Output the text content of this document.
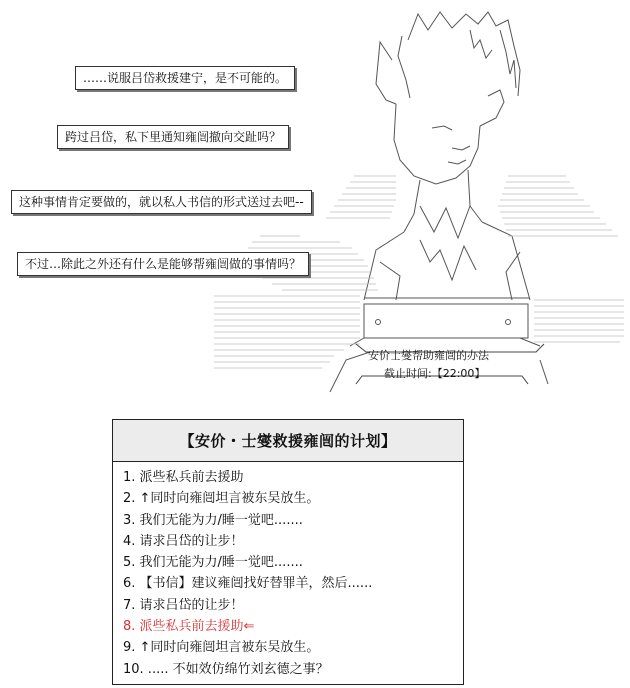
……说服吕岱救援建宁，是不可能的。
跨过吕岱，私下里通知雍闿撤向交趾吗？
这种事情肯定要做的，就以私人书信的形式送过去吧--
不过…除此之外还有什么是能够帮雍闿做的事情吗？
安价士燮帮助雍闿的办法
截止时间:【22:00】
【安价・士燮救援雍闿的计划】
1. 派些私兵前去援助
2. ↑同时向雍闿坦言被东吴放生。
3. 我们无能为力/睡一觉吧.......
4. 请求吕岱的让步！
5. 我们无能为力/睡一觉吧.......
6. 【书信】建议雍闿找好替罪羊，然后......
7. 请求吕岱的让步！
8. 派些私兵前去援助⇐
9. ↑同时向雍闿坦言被东吴放生。
10. ..... 不如效仿绵竹刘玄德之事？
